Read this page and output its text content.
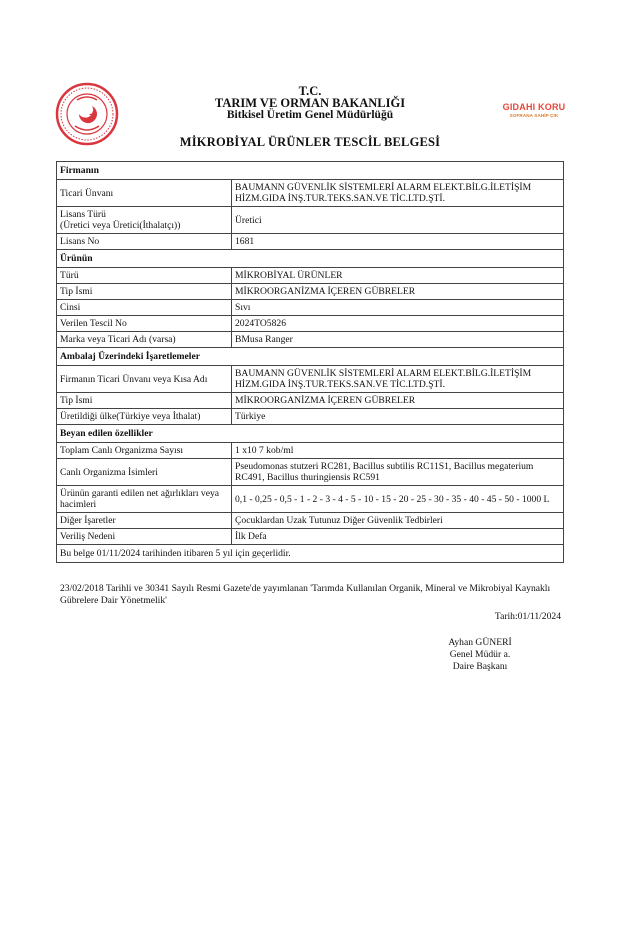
GIDAHI KORU
SOFRANA SAHİP ÇIK
T.C.
TARIM VE ORMAN BAKANLIĞI
Bitkisel Üretim Genel Müdürlüğü
MİKROBİYAL ÜRÜNLER TESCİL BELGESİ
Firmanın	
Ticari Ünvanı	BAUMANN GÜVENLİK SİSTEMLERİ ALARM ELEKT.BİLG.İLETİŞİM HİZM.GIDA İNŞ.TUR.TEKS.SAN.VE TİC.LTD.ŞTİ.

Lisans Türü
(Üretici veya Üretici(İthalatçı))	Üretici
Lisans No	1681
Ürünün	
Türü	MİKROBİYAL ÜRÜNLER
Tip İsmi	MİKROORGANİZMA İÇEREN GÜBRELER
Cinsi	Sıvı
Verilen Tescil No	2024TO5826
Marka veya Ticari Adı (varsa)	BMusa Ranger
Ambalaj Üzerindeki İşaretlemeler	
Firmanın Ticari Ünvanı veya Kısa Adı	BAUMANN GÜVENLİK SİSTEMLERİ ALARM ELEKT.BİLG.İLETİŞİM HİZM.GIDA İNŞ.TUR.TEKS.SAN.VE TİC.LTD.ŞTİ.
Tip İsmi	MİKROORGANİZMA İÇEREN GÜBRELER
Üretildiği ülke(Türkiye veya İthalat)	Türkiye
Beyan edilen özellikler	
Toplam Canlı Organizma Sayısı	1 x10 7 kob/ml
Canlı Organizma İsimleri	Pseudomonas stutzeri RC281, Bacillus subtilis RC11S1, Bacillus megaterium RC491, Bacillus thuringiensis RC591
Ürünün garanti edilen net ağırlıkları veya hacimleri	0,1 - 0,25 - 0,5 - 1 - 2 - 3 - 4 - 5 - 10 - 15 - 20 - 25 - 30 - 35 - 40 - 45 - 50 - 1000 L
Diğer İşaretler	Çocuklardan Uzak Tutunuz Diğer Güvenlik Tedbirleri
Veriliş Nedeni	İlk Defa
Bu belge 01/11/2024 tarihinden itibaren 5 yıl için geçerlidir.	
23/02/2018 Tarihli ve 30341 Sayılı Resmi Gazete'de yayımlanan 'Tarımda Kullanılan Organik, Mineral ve Mikrobiyal Kaynaklı Gübrelere Dair Yönetmelik'
Tarih:01/11/2024
Ayhan GÜNERİ
Genel Müdür a.
Daire Başkanı
